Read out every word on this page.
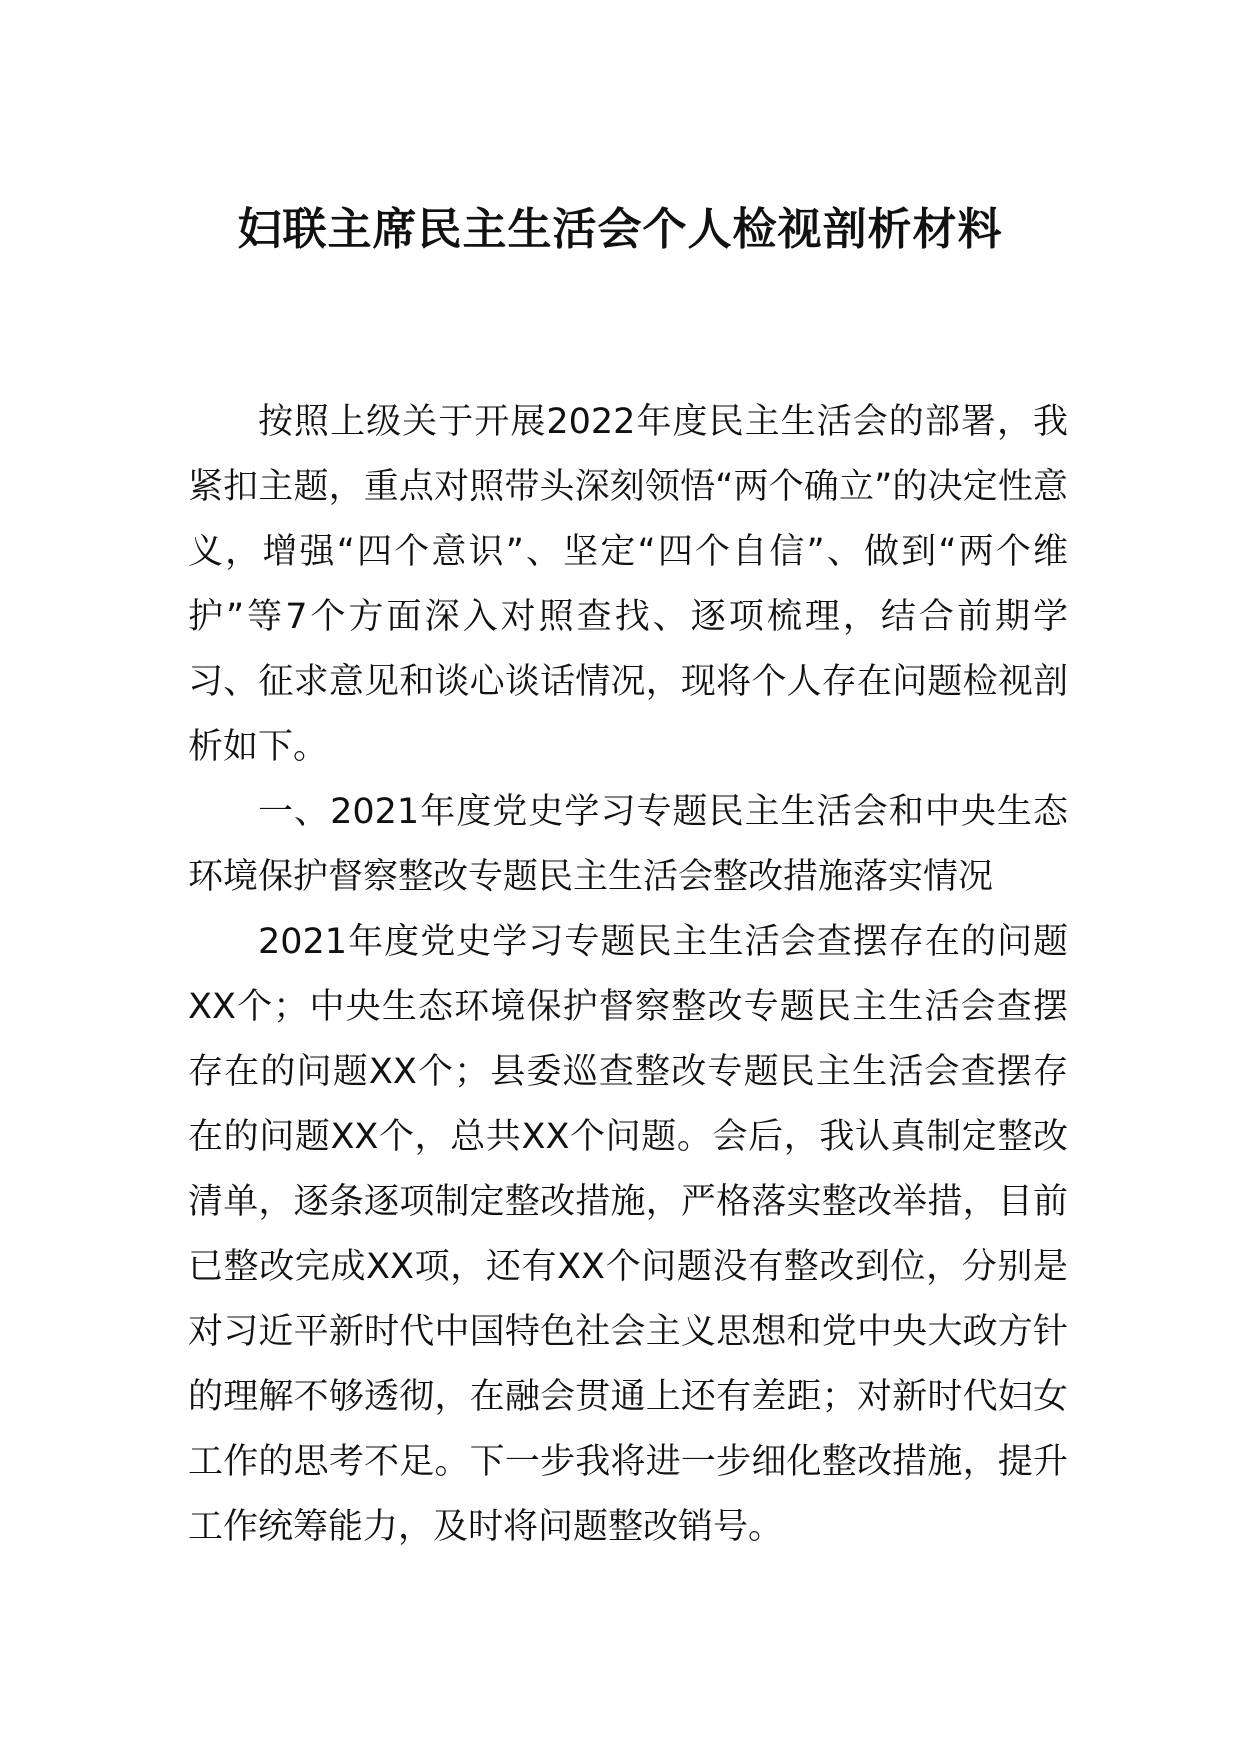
妇联主席民主生活会个人检视剖析材料

按照上级关于开展2022年度民主生活会的部署，我紧扣主题，重点对照带头深刻领悟“两个确立”的决定性意义，增强“四个意识”、坚定“四个自信”、做到“两个维护”等7个方面深入对照查找、逐项梳理，结合前期学习、征求意见和谈心谈话情况，现将个人存在问题检视剖析如下。

一、2021年度党史学习专题民主生活会和中央生态环境保护督察整改专题民主生活会整改措施落实情况

2021年度党史学习专题民主生活会查摆存在的问题XX个；中央生态环境保护督察整改专题民主生活会查摆存在的问题XX个；县委巡查整改专题民主生活会查摆存在的问题XX个，总共XX个问题。会后，我认真制定整改清单，逐条逐项制定整改措施，严格落实整改举措，目前已整改完成XX项，还有XX个问题没有整改到位，分别是对习近平新时代中国特色社会主义思想和党中央大政方针的理解不够透彻，在融会贯通上还有差距；对新时代妇女工作的思考不足。下一步我将进一步细化整改措施，提升工作统筹能力，及时将问题整改销号。
